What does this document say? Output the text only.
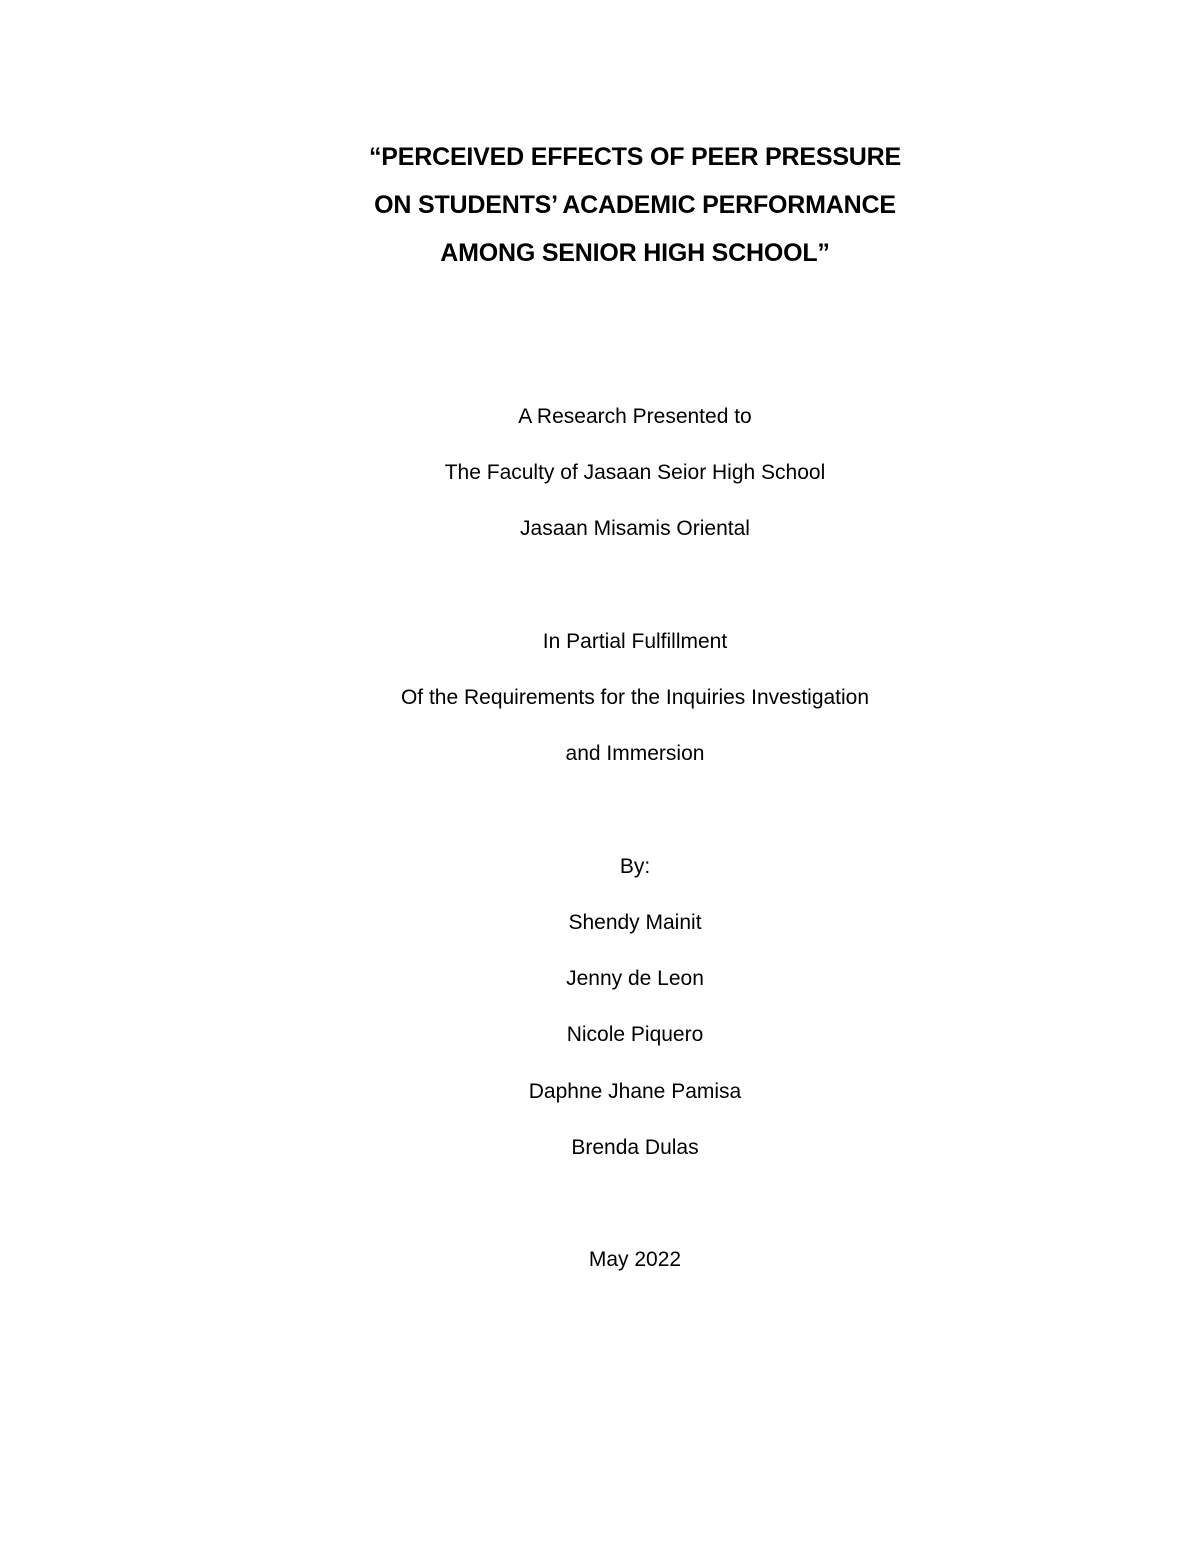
“PERCEIVED EFFECTS OF PEER PRESSURE

ON STUDENTS’ ACADEMIC PERFORMANCE

AMONG SENIOR HIGH SCHOOL”

A Research Presented to

The Faculty of Jasaan Seior High School

Jasaan Misamis Oriental

In Partial Fulfillment

Of the Requirements for the Inquiries Investigation

and Immersion

By:

Shendy Mainit

Jenny de Leon

Nicole Piquero

Daphne Jhane Pamisa

Brenda Dulas

May 2022
